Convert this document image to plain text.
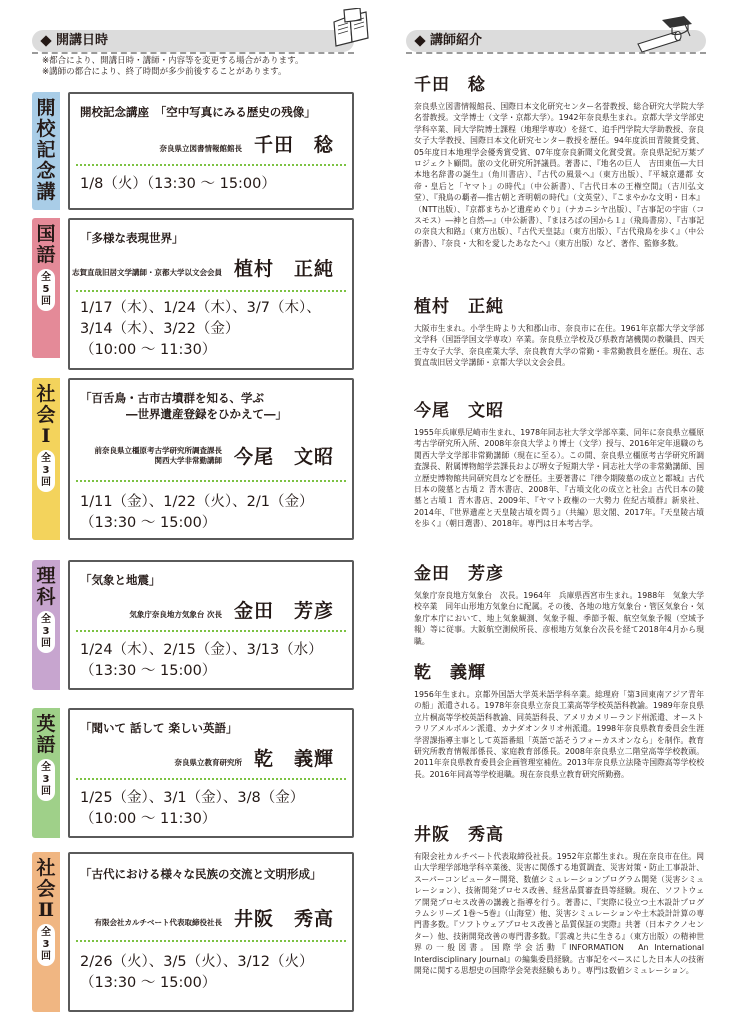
開講日時
※都合により、開講日時・講師・内容等を変更する場合があります。
※講師の都合により、終了時間が多少前後することがあります。
講師紹介
開
校
記
念
講
開校記念講座　「空中写真にみる歴史の残像」
奈良県立図書情報館館長 千田　稔
1/8（火）（13:30 〜 15:00）
国
語
全
5
回
「多様な表現世界」
志賀直哉旧居文学講師・京都大学以文会会員 植村　正純
1/17（木）、1/24（木）、3/7（木）、
3/14（木）、3/22（金）
（10:00 〜 11:30）
社
会
Ⅰ
全
3
回
「百舌鳥・古市古墳群を知る、学ぶ
　　　　―世界遺産登録をひかえて―」
前奈良県立橿原考古学研究所調査課長
関西大学非常勤講師 今尾　文昭
1/11（金）、1/22（火）、2/1（金）
（13:30 〜 15:00）
理
科
全
3
回
「気象と地震」
気象庁奈良地方気象台 次長 金田　芳彦
1/24（木）、2/15（金）、3/13（水）
（13:30 〜 15:00）
英
語
全
3
回
「聞いて 話して 楽しい英語」
奈良県立教育研究所 乾　義輝
1/25（金）、3/1（金）、3/8（金）
（10:00 〜 11:30）
社
会
Ⅱ
全
3
回
「古代における様々な民族の交流と文明形成」
有限会社カルチベート代表取締役社長 井阪　秀高
2/26（火）、3/5（火）、3/12（火）
（13:30 〜 15:00）
千田　稔
奈良県立図書情報館長、国際日本文化研究センター名誉教授、総合研究大学院大学名誉教授。文学博士（文学・京都大学）。1942年奈良県生まれ。京都大学文学部史学科卒業、同大学院博士課程（地理学専攻）を経て、追手門学院大学助教授、奈良女子大学教授、国際日本文化研究センター教授を歴任。94年度浜田青陵賞受賞、05年度日本地理学会優秀賞受賞、07年度奈良新聞文化賞受賞。奈良県記紀万葉プロジェクト顧問。旅の文化研究所評議員。著書に、『地名の巨人　吉田東伍―大日本地名辞書の誕生』（角川書店）、『古代の風景へ』（東方出版）、『平城京遷都 女帝・皇后と「ヤマト」の時代』（中公新書）、『古代日本の王権空間』（吉川弘文堂）、『飛鳥の覇者―推古朝と斉明朝の時代』（文英堂）、『こまやかな文明・日本』（NTT出版）、『京都まちかど遺産めぐり』（ナカニシヤ出版）、『古事記の宇宙（コスモス）―神と自然―』（中公新書）、『まほろばの国から１』（飛鳥書房）、『古事記の奈良大和路』（東方出版）、『古代天皇誌』（東方出版）、『古代飛鳥を歩く』（中公新書）、『奈良・大和を愛したあなたへ』（東方出版）など、著作、監修多数。
植村　正純
大阪市生まれ。小学生時より大和郡山市、奈良市に在住。1961年京都大学文学部文学科（国語学国文学専攻）卒業。奈良県立学校及び県教育諸機関の教職員、四天王寺女子大学、奈良産業大学、奈良教育大学の常勤・非常勤教員を歴任。現在、志賀直哉旧居文学講師・京都大学以文会会員。
今尾　文昭
1955年兵庫県尼崎市生まれ、1978年同志社大学文学部卒業、同年に奈良県立橿原考古学研究所入所、2008年奈良大学より博士（文学）授与、2016年定年退職のち関西大学文学部非常勤講師（現在に至る）。この間、奈良県立橿原考古学研究所調査課長、附属博物館学芸課長および堺女子短期大学・同志社大学の非常勤講師、国立歴史博物館共同研究員などを歴任。主要著書に『律令期陵墓の成立と都城』古代日本の陵墓と古墳２ 青木書店、2008年、『古墳文化の成立と社会』古代日本の陵墓と古墳１ 青木書店、2009年、『ヤマト政権の一大勢力 佐紀古墳群』新泉社、2014年、『世界遺産と天皇陵古墳を問う』（共編）思文閣、2017年。『天皇陵古墳を歩く』（朝日選書）、2018年。専門は日本考古学。
金田　芳彦
気象庁奈良地方気象台　次長。1964年　兵庫県西宮市生まれ。1988年　気象大学校卒業　同年山形地方気象台に配属。その後、各地の地方気象台・管区気象台・気象庁本庁において、地上気象観測、気象予報、季節予報、航空気象予報（空域予報）等に従事。大阪航空測候所長、彦根地方気象台次長を経て2018年4月から現職。
乾　義輝
1956年生まれ。京都外国語大学英米語学科卒業。総理府「第3回東南アジア青年の船」派遣される。1978年奈良県立奈良工業高等学校英語科教諭。1989年奈良県立片桐高等学校英語科教諭、同英語科長、アメリカメリーランド州派遣、オーストラリアメルボルン派遣、カナダオンタリオ州派遣。1998年奈良県教育委員会生涯学習課指導主事として英語番組「英語で話そうフォーカスオンなら」を制作。教育研究所教育情報部係長、家庭教育部係長。2008年奈良県立二階堂高等学校教頭。2011年奈良県教育委員会企画管理室補佐。2013年奈良県立法隆寺国際高等学校校長。2016年同高等学校退職。現在奈良県立教育研究所勤務。
井阪　秀高
有限会社カルチベート代表取締役社長。1952年京都生まれ。現在奈良市在住。岡山大学理学部地学科卒業後、災害に関係する地質調査、災害対策・防止工事設計、スーパーコンピューター開発、数値シミュレーションプログラム開発（災害シミュレーション）、技術開発プロセス改善、経営品質審査員等経験。現在、ソフトウェア開発プロセス改善の講義と指導を行う。著書に、『実際に役立つ土木設計プログラムシリーズ 1巻〜5巻』（山海堂）他、災害シミュレーションや土木設計計算の専門書多数。『ソフトウェアプロセス改善と品質保証の実際』共著（日本テクノセンター）他、技術開発改善の専門書多数。『雲魂と共に生きる』（東方出版）の精神世界の一般図書。国際学会活動『INFORMATION　An International Interdisciplinary Journal』の編集委員経験。古事記をベースにした日本人の技術開発に関する思想史の国際学会発表経験もあり。専門は数値シミュレーション。
